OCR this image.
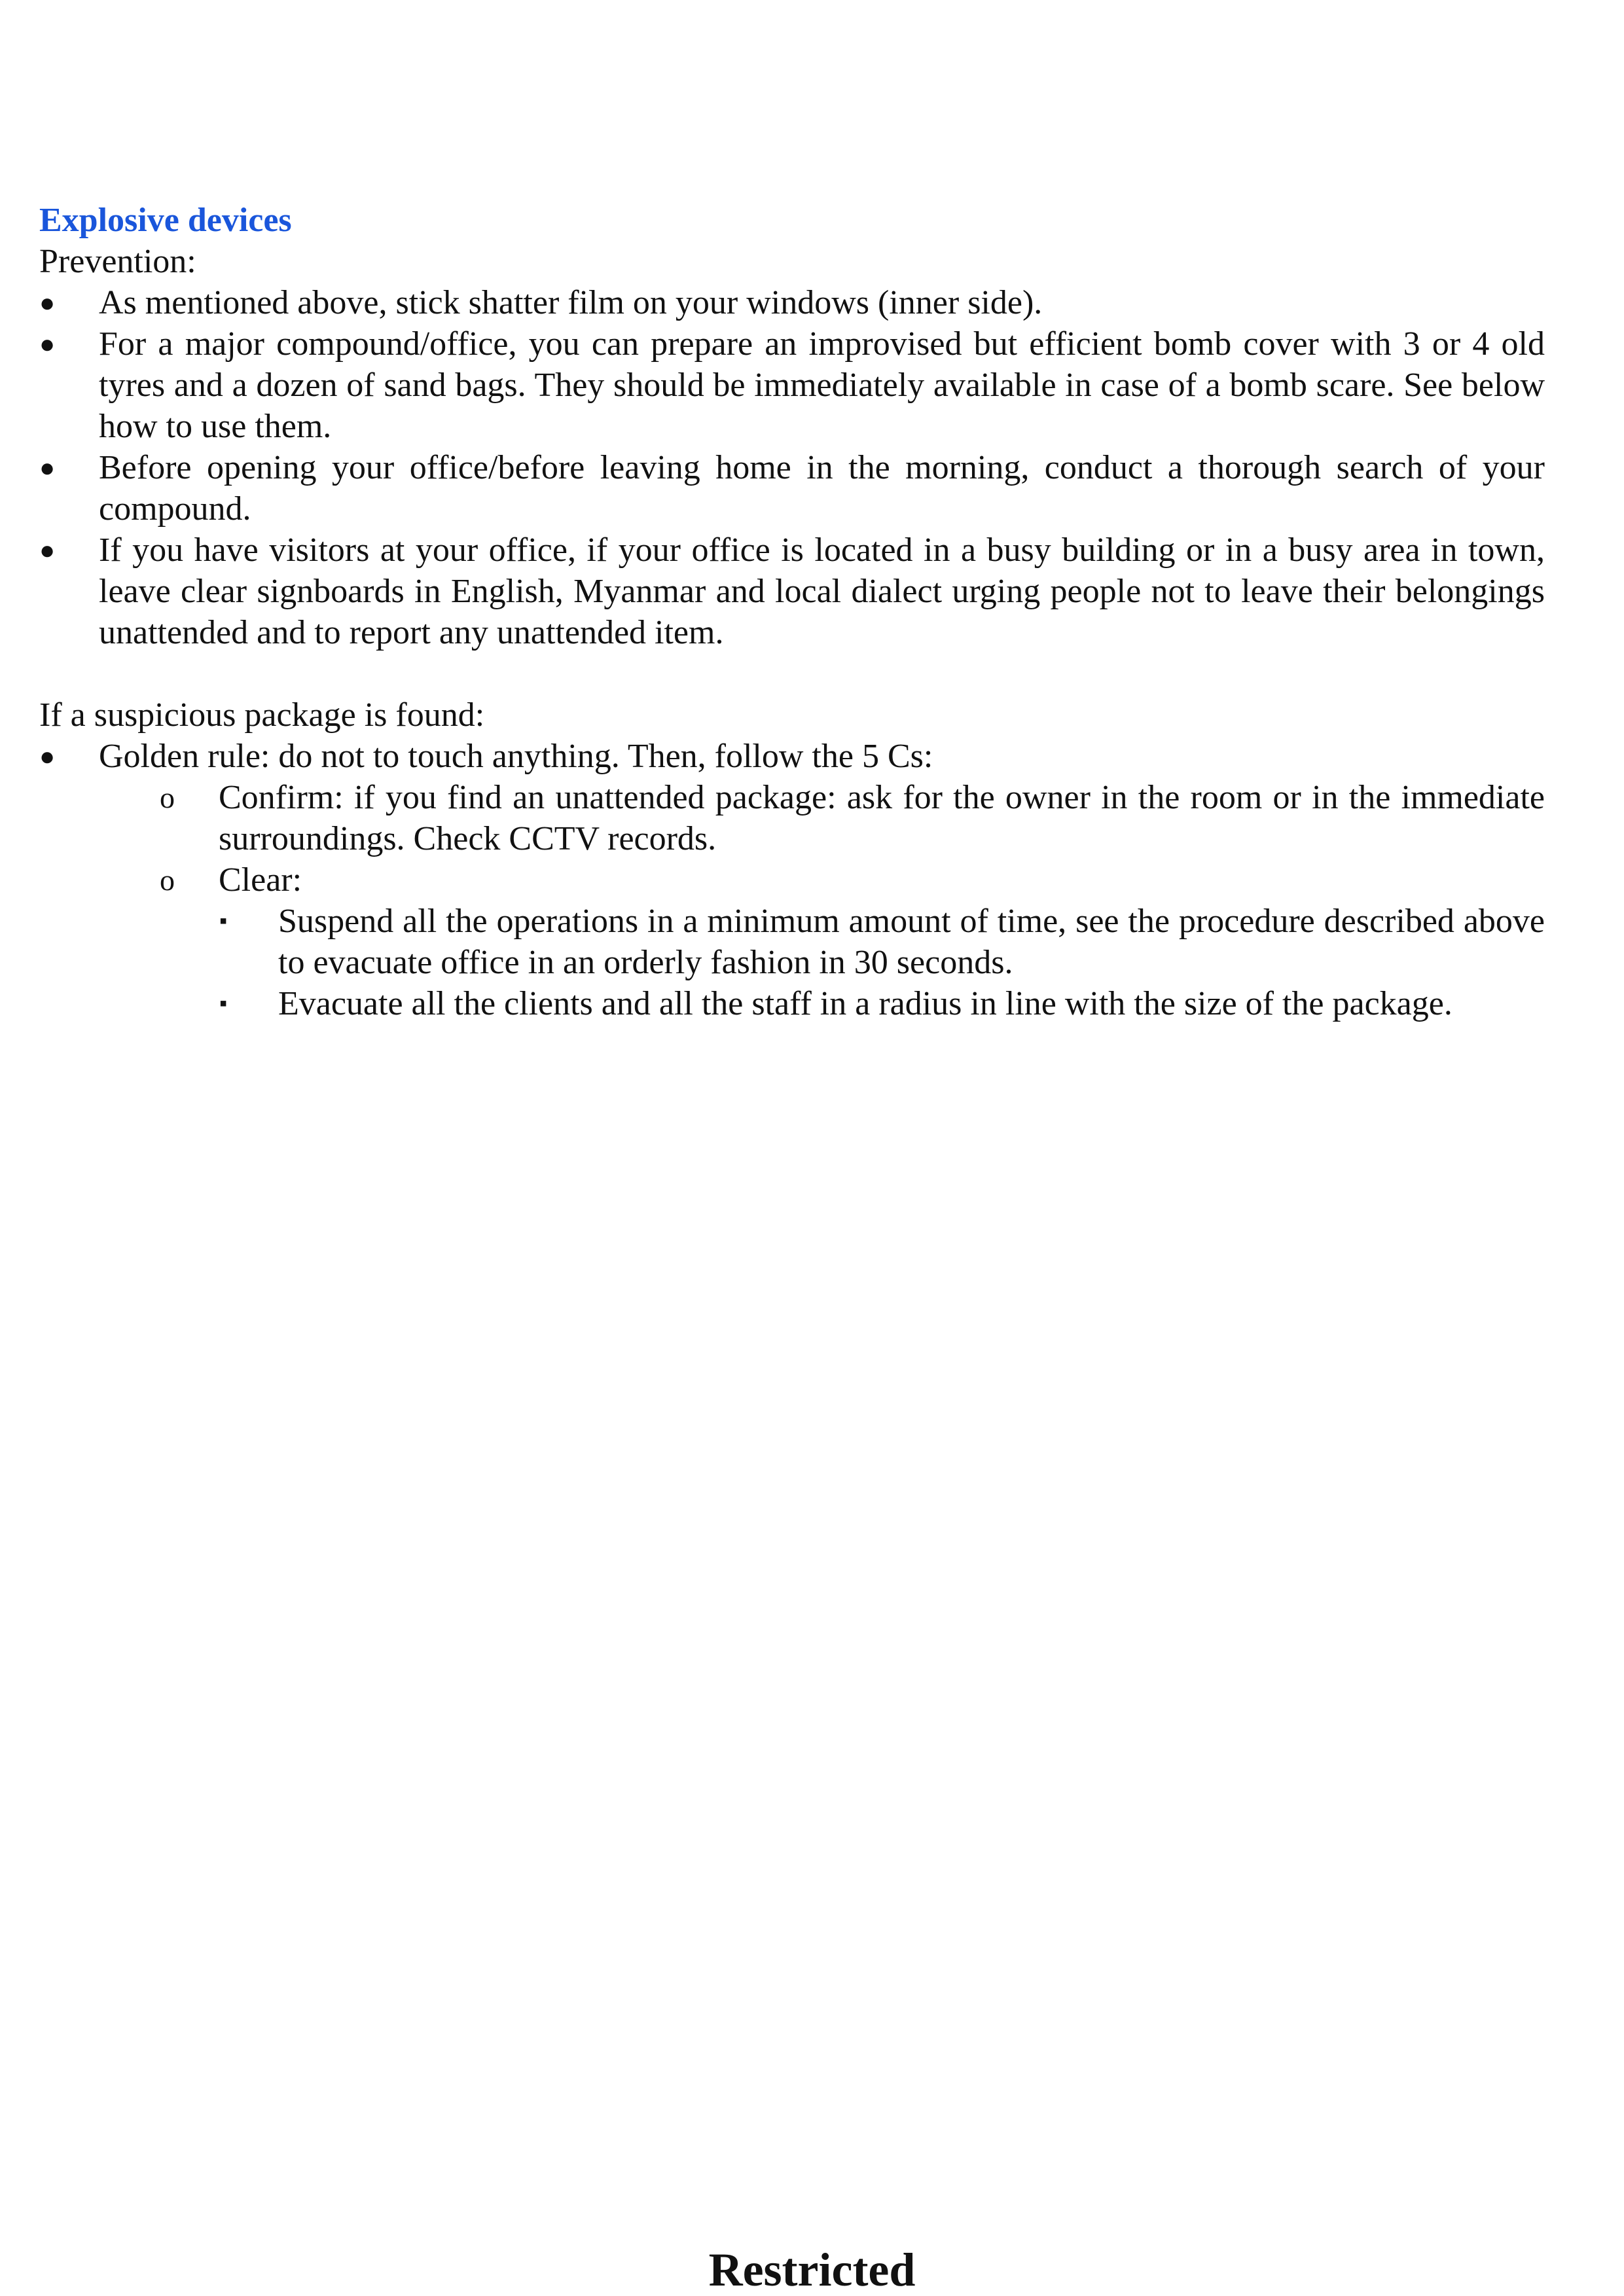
Explosive devices

Prevention:

● As mentioned above, stick shatter film on your windows (inner side).
● For a major compound/office, you can prepare an improvised but efficient bomb cover with 3 or 4 old tyres and a dozen of sand bags. They should be immediately available in case of a bomb scare. See below how to use them.
● Before opening your office/before leaving home in the morning, conduct a thorough search of your compound.
● If you have visitors at your office, if your office is located in a busy building or in a busy area in town, leave clear signboards in English, Myanmar and local dialect urging people not to leave their belongings unattended and to report any unattended item.

If a suspicious package is found:

● Golden rule: do not to touch anything. Then, follow the 5 Cs:
o Confirm: if you find an unattended package: ask for the owner in the room or in the immediate surroundings. Check CCTV records.
o Clear:
▪ Suspend all the operations in a minimum amount of time, see the procedure described above to evacuate office in an orderly fashion in 30 seconds.
▪ Evacuate all the clients and all the staff in a radius in line with the size of the package.
Restricted
